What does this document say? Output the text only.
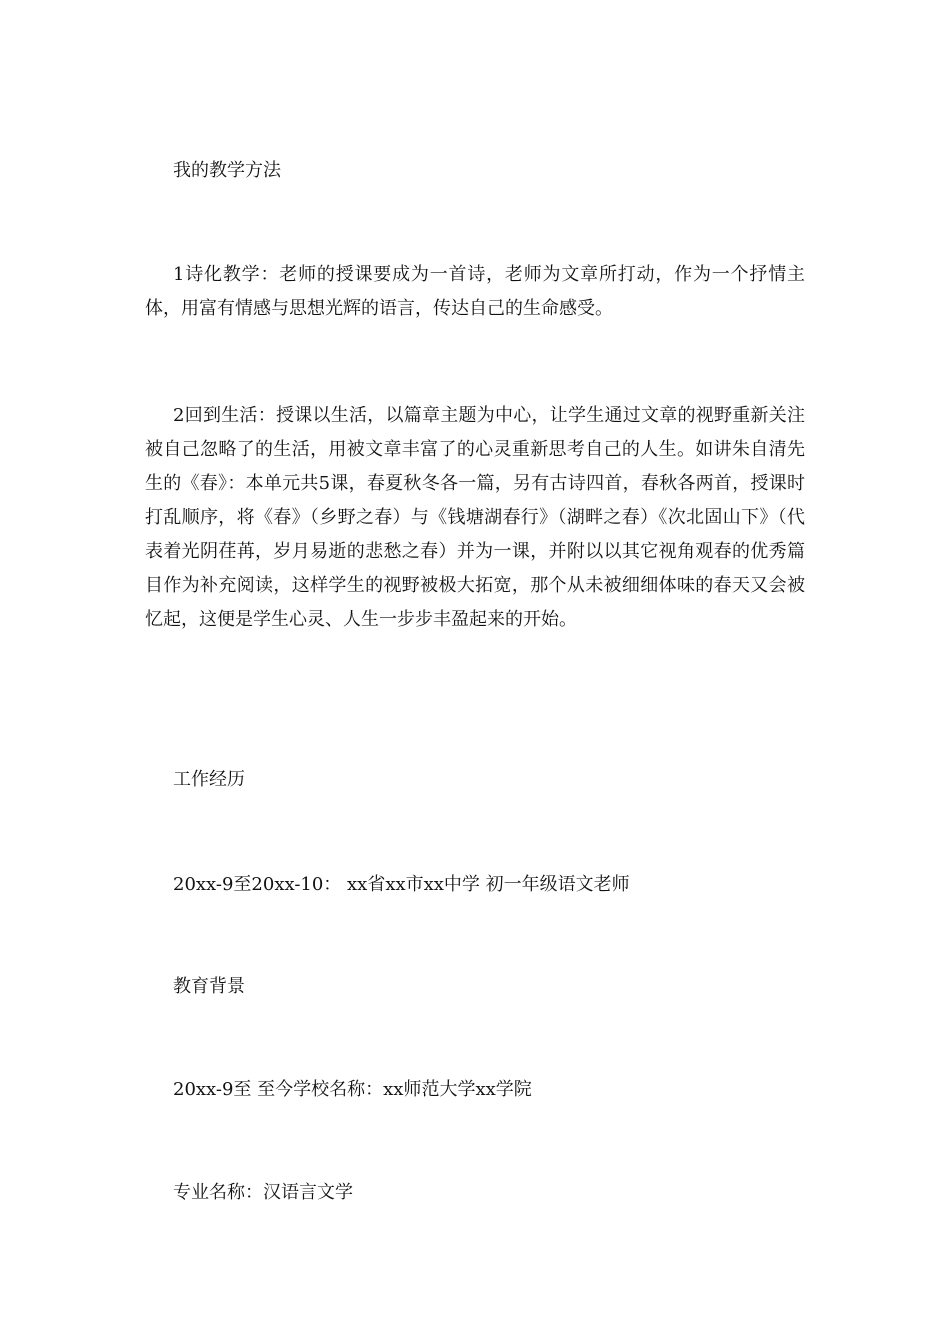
我的教学方法

1诗化教学：老师的授课要成为一首诗，老师为文章所打动，作为一个抒情主体，用富有情感与思想光辉的语言，传达自己的生命感受。

2回到生活：授课以生活，以篇章主题为中心，让学生通过文章的视野重新关注被自己忽略了的生活，用被文章丰富了的心灵重新思考自己的人生。如讲朱自清先生的《春》：本单元共5课，春夏秋冬各一篇，另有古诗四首，春秋各两首，授课时打乱顺序，将《春》（乡野之春）与《钱塘湖春行》（湖畔之春）《次北固山下》（代表着光阴荏苒，岁月易逝的悲愁之春）并为一课，并附以以其它视角观春的优秀篇目作为补充阅读，这样学生的视野被极大拓宽，那个从未被细细体味的春天又会被忆起，这便是学生心灵、人生一步步丰盈起来的开始。

工作经历

20xx-9至20xx-10： xx省xx市xx中学 初一年级语文老师

教育背景

20xx-9至 至今学校名称：xx师范大学xx学院

专业名称：汉语言文学
